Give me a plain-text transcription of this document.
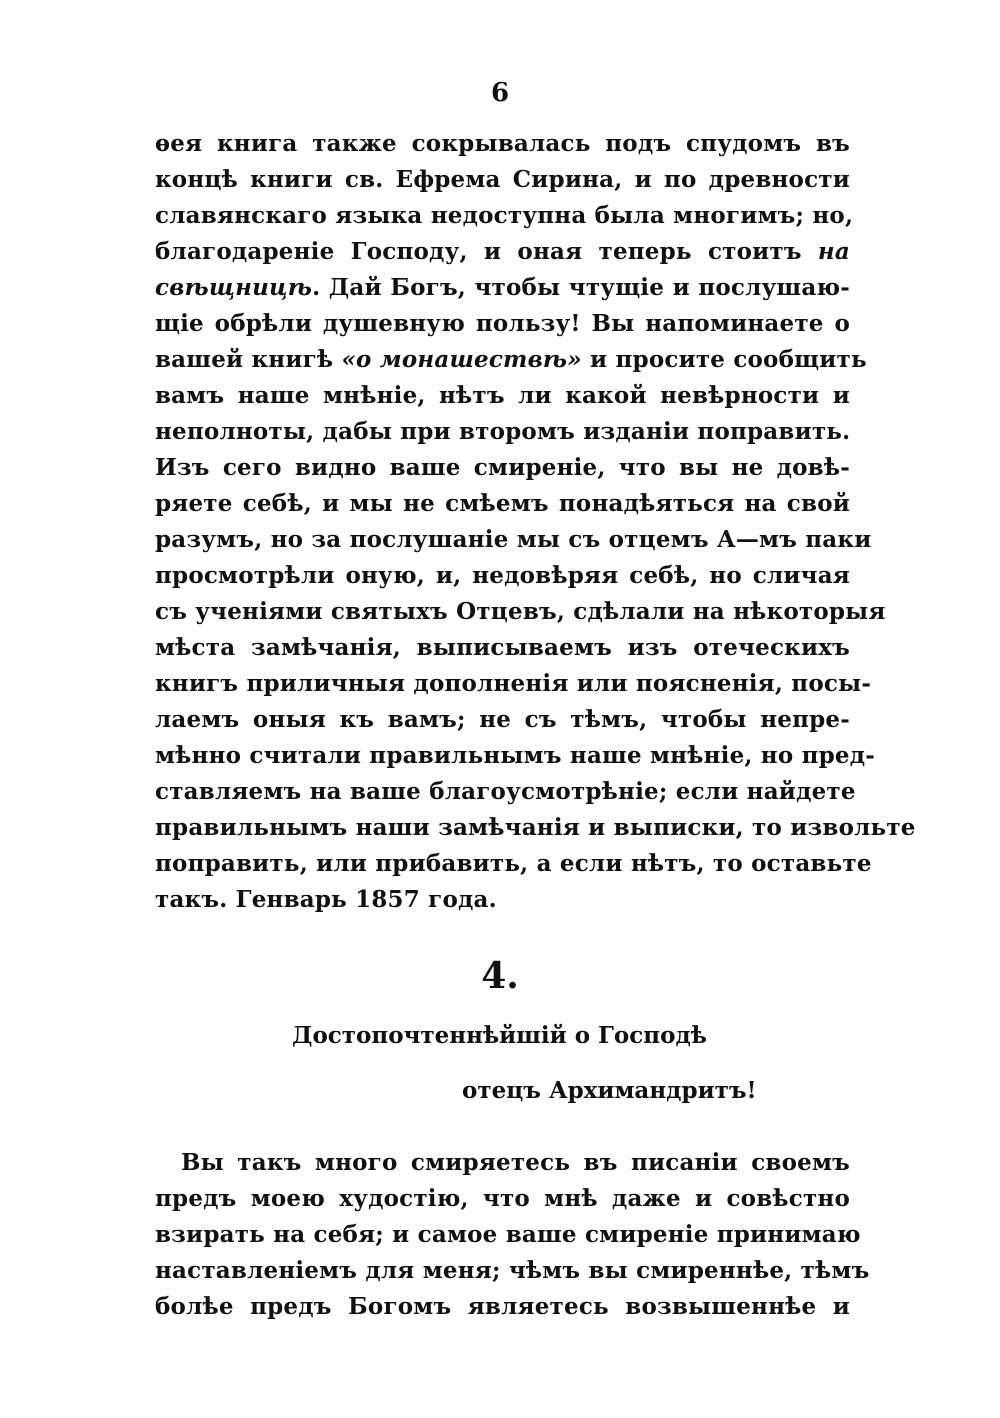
6
ѳея книга также сокрывалась подъ спудомъ въ
концѣ книги св. Ефрема Сирина, и по древности
славянскаго языка недоступна была многимъ; но,
благодареніе Господу, и оная теперь стоитъ на
свѣщницѣ. Дай Богъ, чтобы чтущіе и послушаю-
щіе обрѣли душевную пользу! Вы напоминаете о
вашей книгѣ «о монашествѣ» и просите сообщить
вамъ наше мнѣніе, нѣтъ ли какой невѣрности и
неполноты, дабы при второмъ изданіи поправить.
Изъ сего видно ваше смиреніе, что вы не довѣ-
ряете себѣ, и мы не смѣемъ понадѣяться на свой
разумъ, но за послушаніе мы съ отцемъ А—мъ паки
просмотрѣли оную, и, недовѣряя себѣ, но сличая
съ ученіями святыхъ Отцевъ, сдѣлали на нѣкоторыя
мѣста замѣчанія, выписываемъ изъ отеческихъ
книгъ приличныя дополненія или поясненія, посы-
лаемъ оныя къ вамъ; не съ тѣмъ, чтобы непре-
мѣнно считали правильнымъ наше мнѣніе, но пред-
ставляемъ на ваше благоусмотрѣніе; если найдете
правильнымъ наши замѣчанія и выписки, то извольте
поправить, или прибавить, а если нѣтъ, то оставьте
такъ. Генварь 1857 года.
4.
Достопочтеннѣйшій о Господѣ
отецъ Архимандритъ!
Вы такъ много смиряетесь въ писаніи своемъ
предъ моею худостію, что мнѣ даже и совѣстно
взирать на себя; и самое ваше смиреніе принимаю
наставленіемъ для меня; чѣмъ вы смиреннѣе, тѣмъ
болѣе предъ Богомъ являетесь возвышеннѣе и
